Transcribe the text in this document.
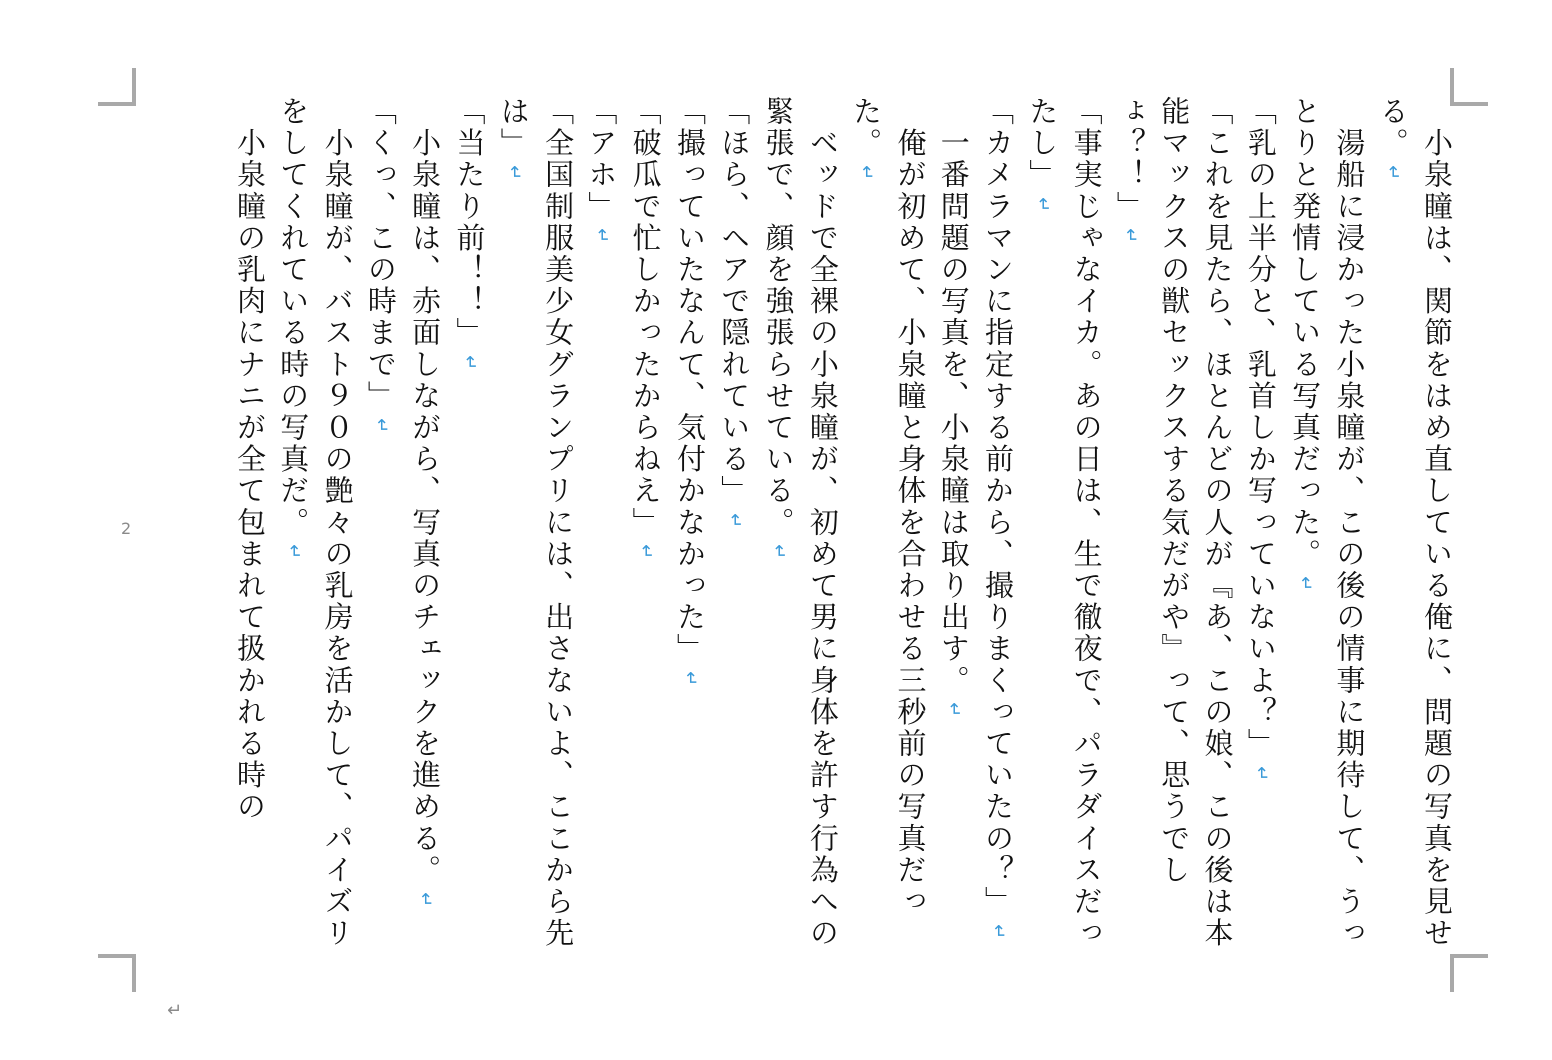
　小泉瞳は、関節をはめ直している俺に、問題の写真を見せる。↵

　湯船に浸かった小泉瞳が、この後の情事に期待して、うっとりと発情している写真だった。↵

「乳の上半分と、乳首しか写っていないよ？」↵

「これを見たら、ほとんどの人が『あ、この娘、この後は本能マックスの獣セックスする気だがや』って、思うでしょ？！」↵

「事実じゃなイカ。あの日は、生で徹夜で、パラダイスだったし」↵

「カメラマンに指定する前から、撮りまくっていたの？」↵

　一番問題の写真を、小泉瞳は取り出す。↵

　俺が初めて、小泉瞳と身体を合わせる三秒前の写真だった。↵

　ベッドで全裸の小泉瞳が、初めて男に身体を許す行為への緊張で、顔を強張らせている。↵

「ほら、ヘアで隠れている」↵

「撮っていたなんて、気付かなかった」↵

「破瓜で忙しかったからねえ」↵

「アホ」↵

「全国制服美少女グランプリには、出さないよ、ここから先は」↵

「当たり前！！」↵

　小泉瞳は、赤面しながら、写真のチェックを進める。↵

「くっ、この時まで」↵

　小泉瞳が、バスト９０の艶々の乳房を活かして、パイズリをしてくれている時の写真だ。↵

　小泉瞳の乳肉にナニが全て包まれて扱かれる時の

2
↵
